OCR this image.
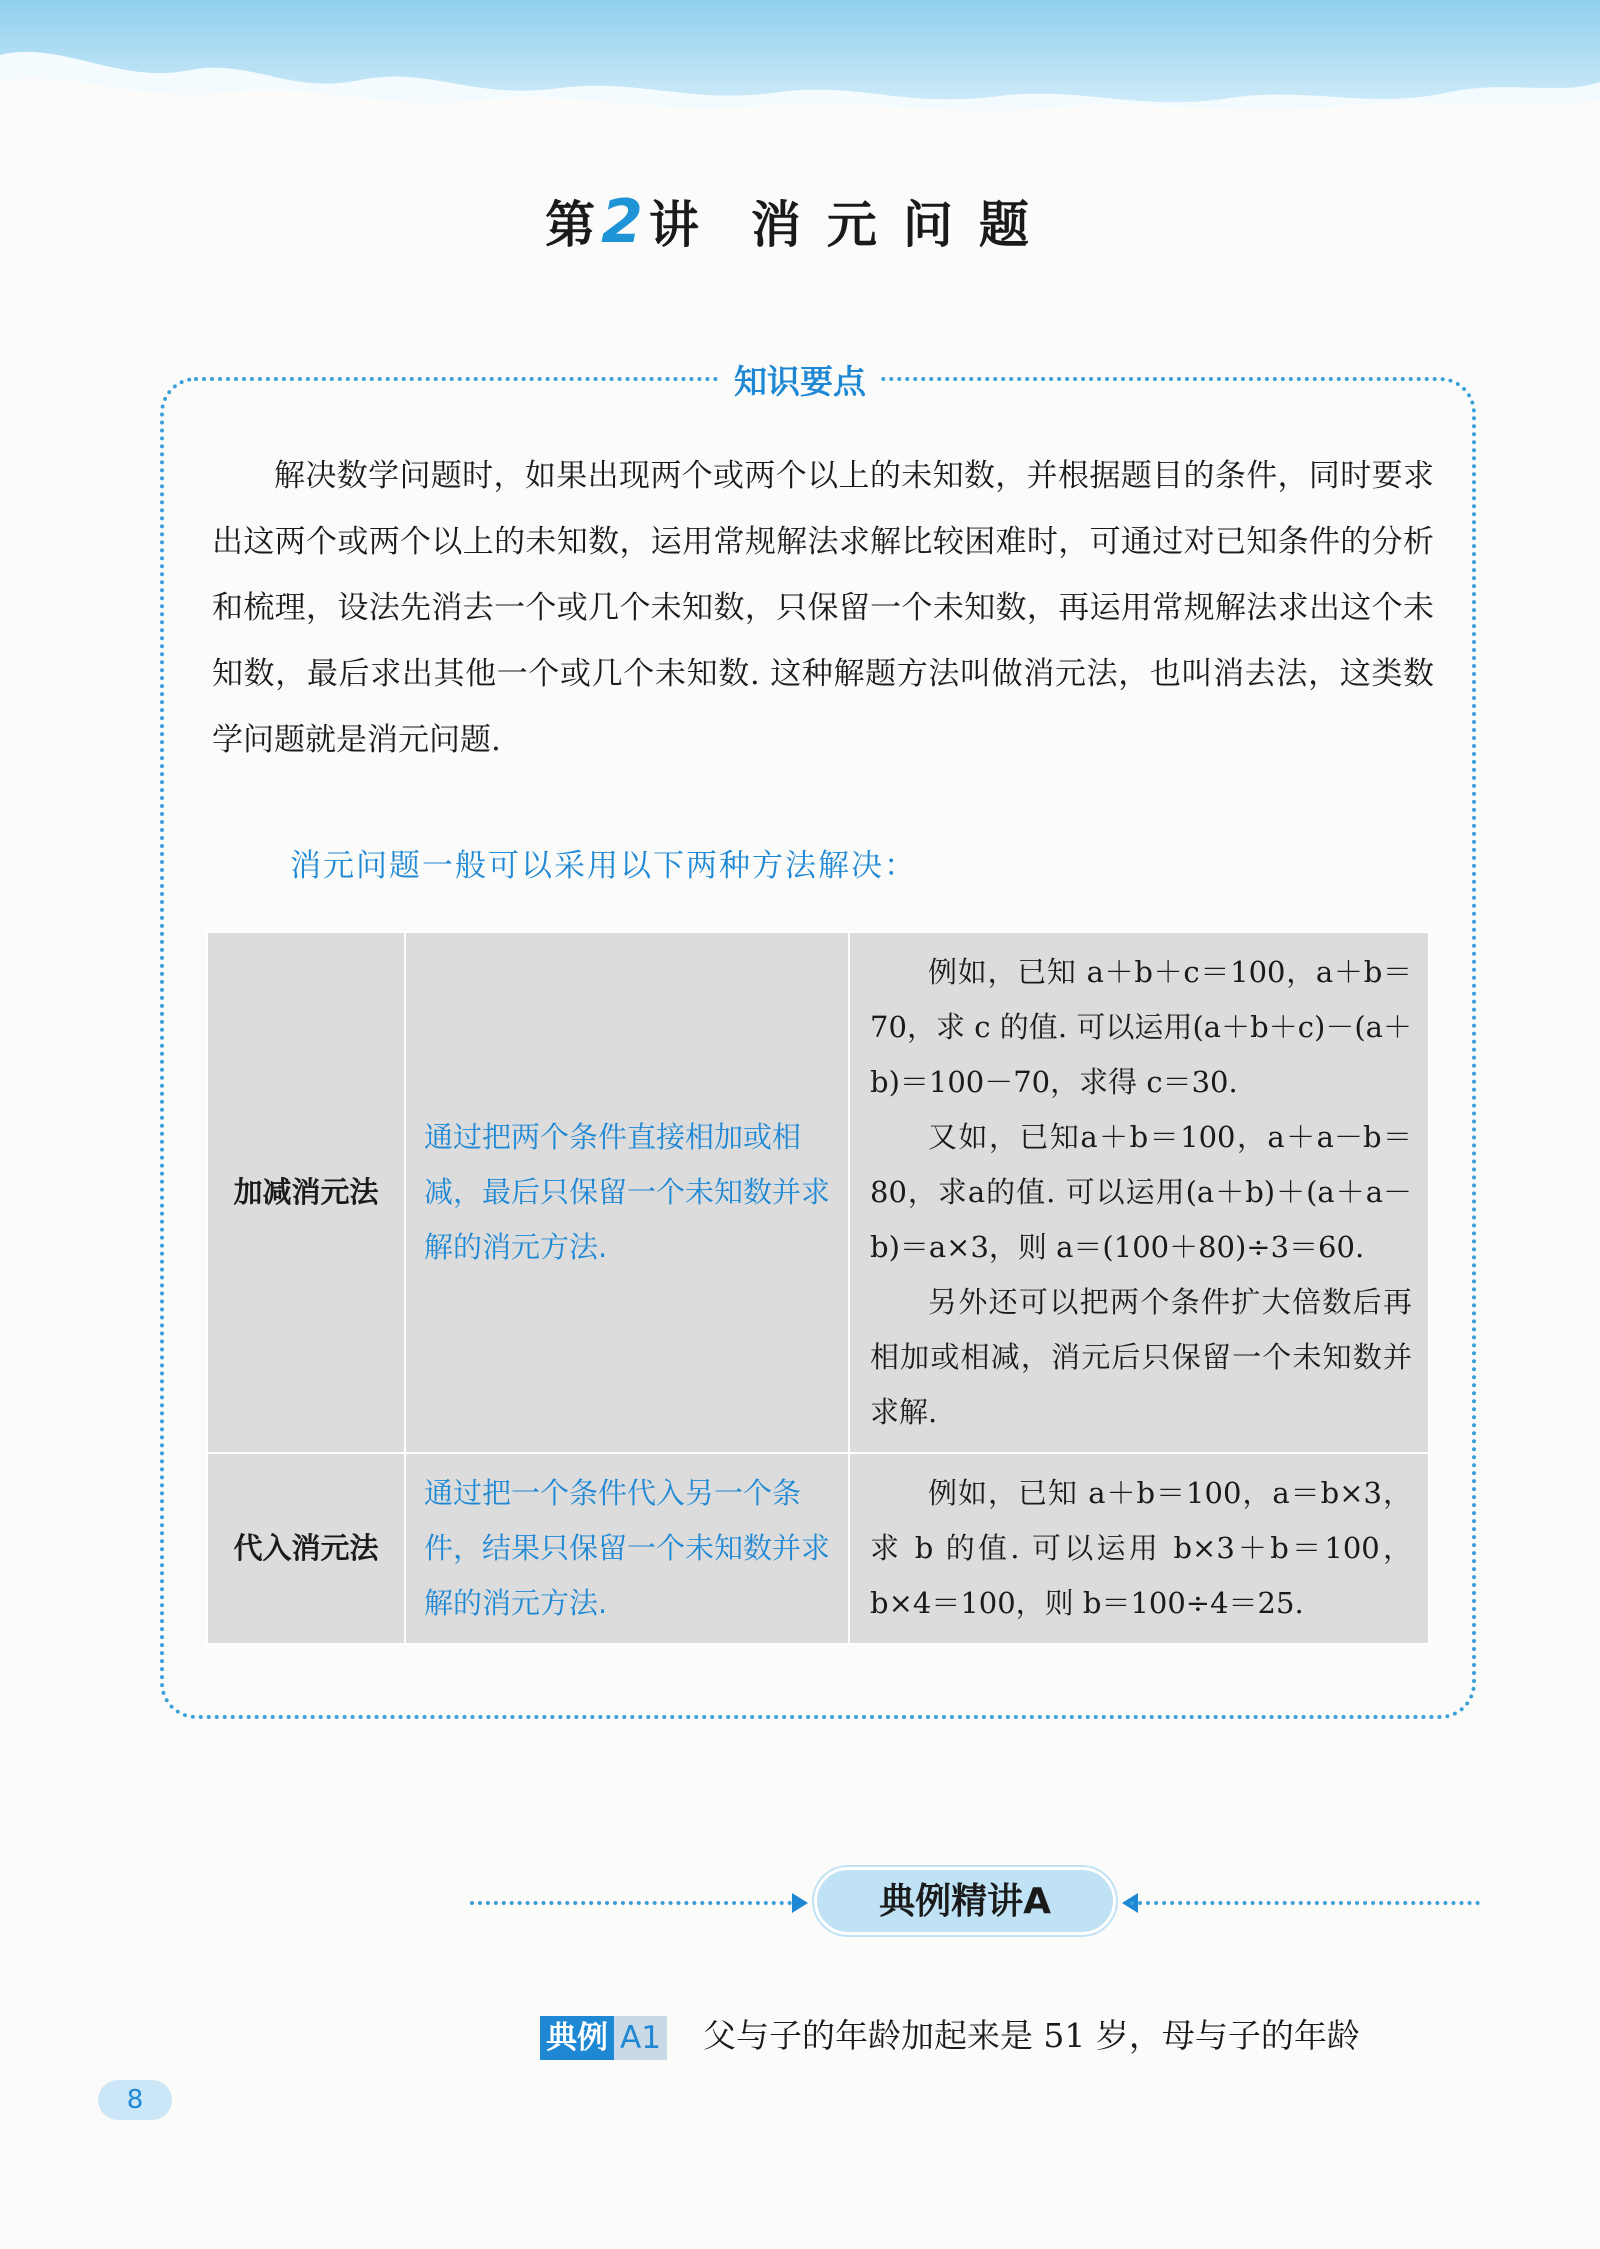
第2讲 消元问题
知识要点

解决数学问题时，如果出现两个或两个以上的未知数，并根据题目的条件，同时要求出这两个或两个以上的未知数，运用常规解法求解比较困难时，可通过对已知条件的分析和梳理，设法先消去一个或几个未知数，只保留一个未知数，再运用常规解法求出这个未知数，最后求出其他一个或几个未知数. 这种解题方法叫做消元法，也叫消去法，这类数学问题就是消元问题.

消元问题一般可以采用以下两种方法解决：
加减消元法	通过把两个条件直接相加或相减，最后只保留一个未知数并求解的消元方法.	例如，已知 a＋b＋c＝100，a＋b＝70，求 c 的值. 可以运用(a＋b＋c)－(a＋b)＝100－70，求得 c＝30.

又如，已知a＋b＝100，a＋a－b＝80，求a的值. 可以运用(a＋b)＋(a＋a－b)＝a×3，则 a＝(100＋80)÷3＝60.

另外还可以把两个条件扩大倍数后再相加或相减，消元后只保留一个未知数并求解.

代入消元法	通过把一个条件代入另一个条件，结果只保留一个未知数并求解的消元方法.	例如，已知 a＋b＝100，a＝b×3，求 b 的值. 可以运用 b×3＋b＝100，b×4＝100，则 b＝100÷4＝25.

典例精讲A
典例 A1 父与子的年龄加起来是 51 岁，母与子的年龄
8
